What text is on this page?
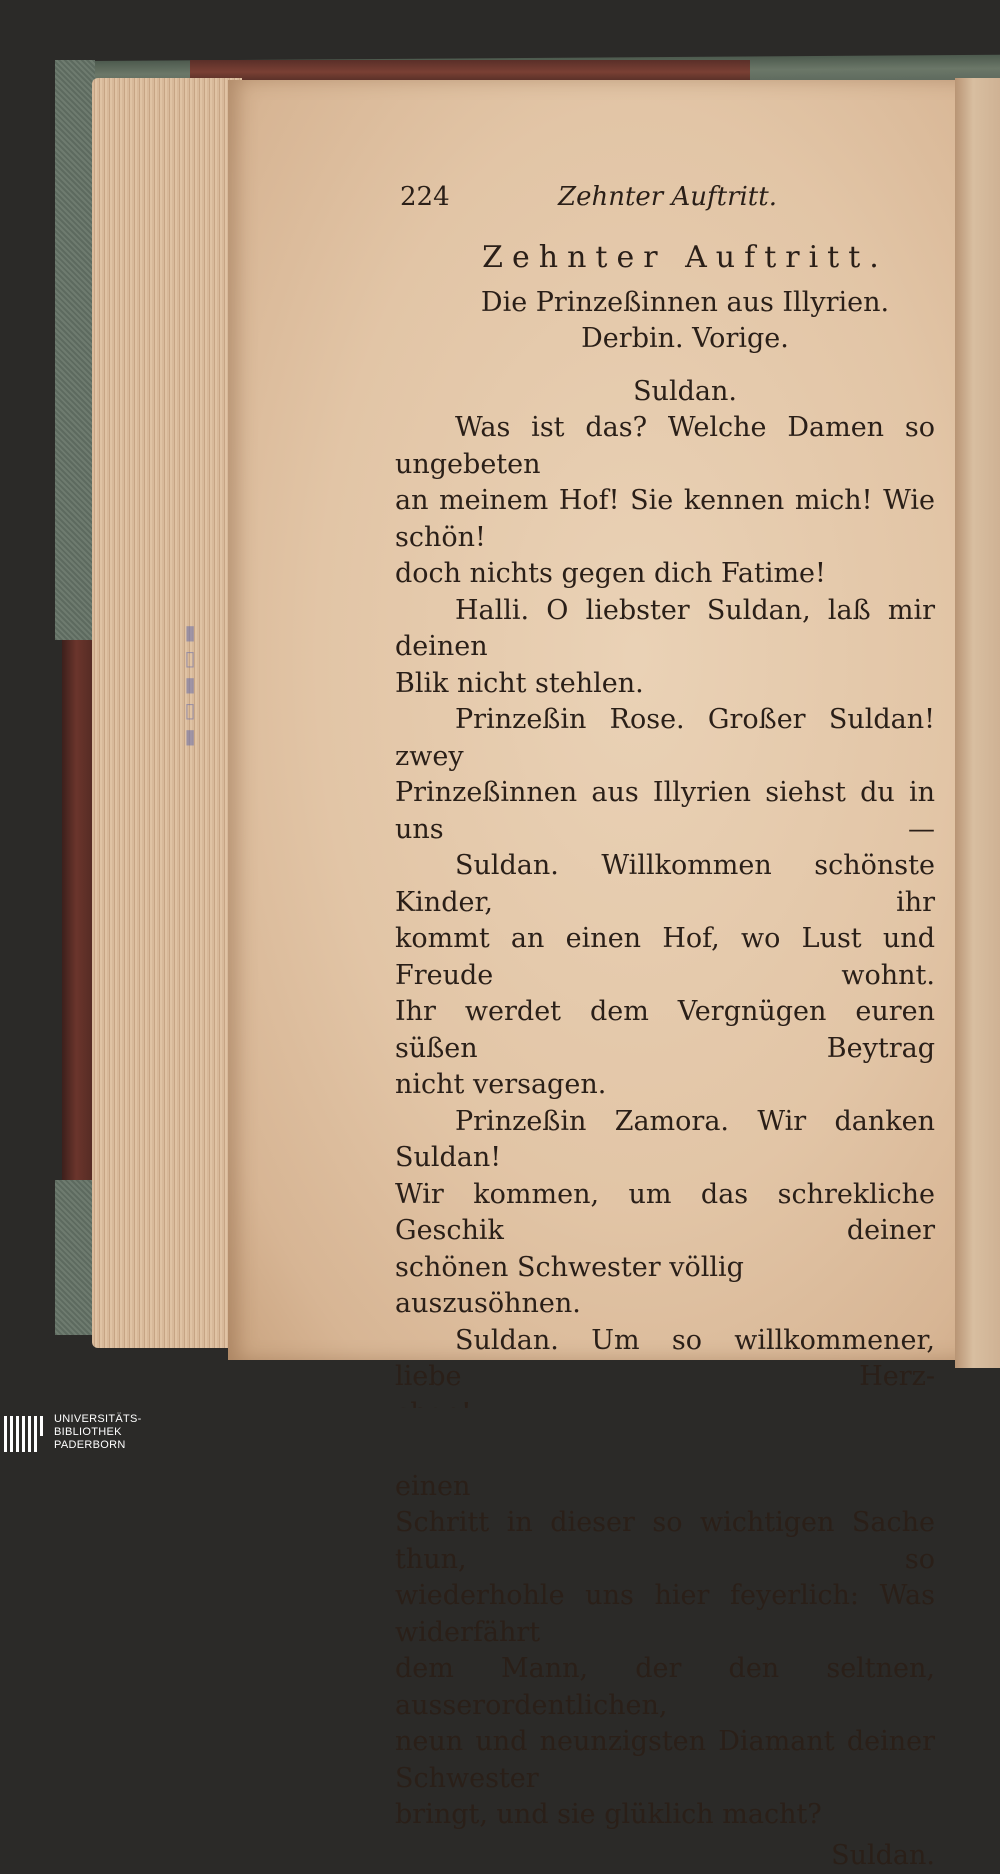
▮▯▮▯▮
224	Zehnter Auftritt.

Zehnter Auftritt.

Die Prinzeßinnen aus Illyrien.

Derbin. Vorige.

Suldan.

Was ist das? Welche Damen so ungebeten

an meinem Hof! Sie kennen mich! Wie schön!

doch nichts gegen dich Fatime!

Halli. O liebster Suldan, laß mir deinen

Blik nicht stehlen.

Prinzeßin Rose. Großer Suldan! zwey

Prinzeßinnen aus Illyrien siehst du in uns —

Suldan. Willkommen schönste Kinder, ihr

kommt an einen Hof, wo Lust und Freude wohnt.

Ihr werdet dem Vergnügen euren süßen Beytrag

nicht versagen.

Prinzeßin Zamora. Wir danken Suldan!

Wir kommen, um das schrekliche Geschik deiner

schönen Schwester völlig auszusöhnen.

Suldan. Um so willkommener, liebe Herz-

einen

Schritt in dieser so wichtigen Sache thun, so

wiederhohle uns hier feyerlich: Was widerfährt

dem Mann, der den seltnen, ausserordentlichen,

neun und neunzigsten Diamant deiner Schwester

bringt, und sie glüklich macht?

Suldan.

UNIVERSITÄTS-
BIBLIOTHEK
PADERBORN
